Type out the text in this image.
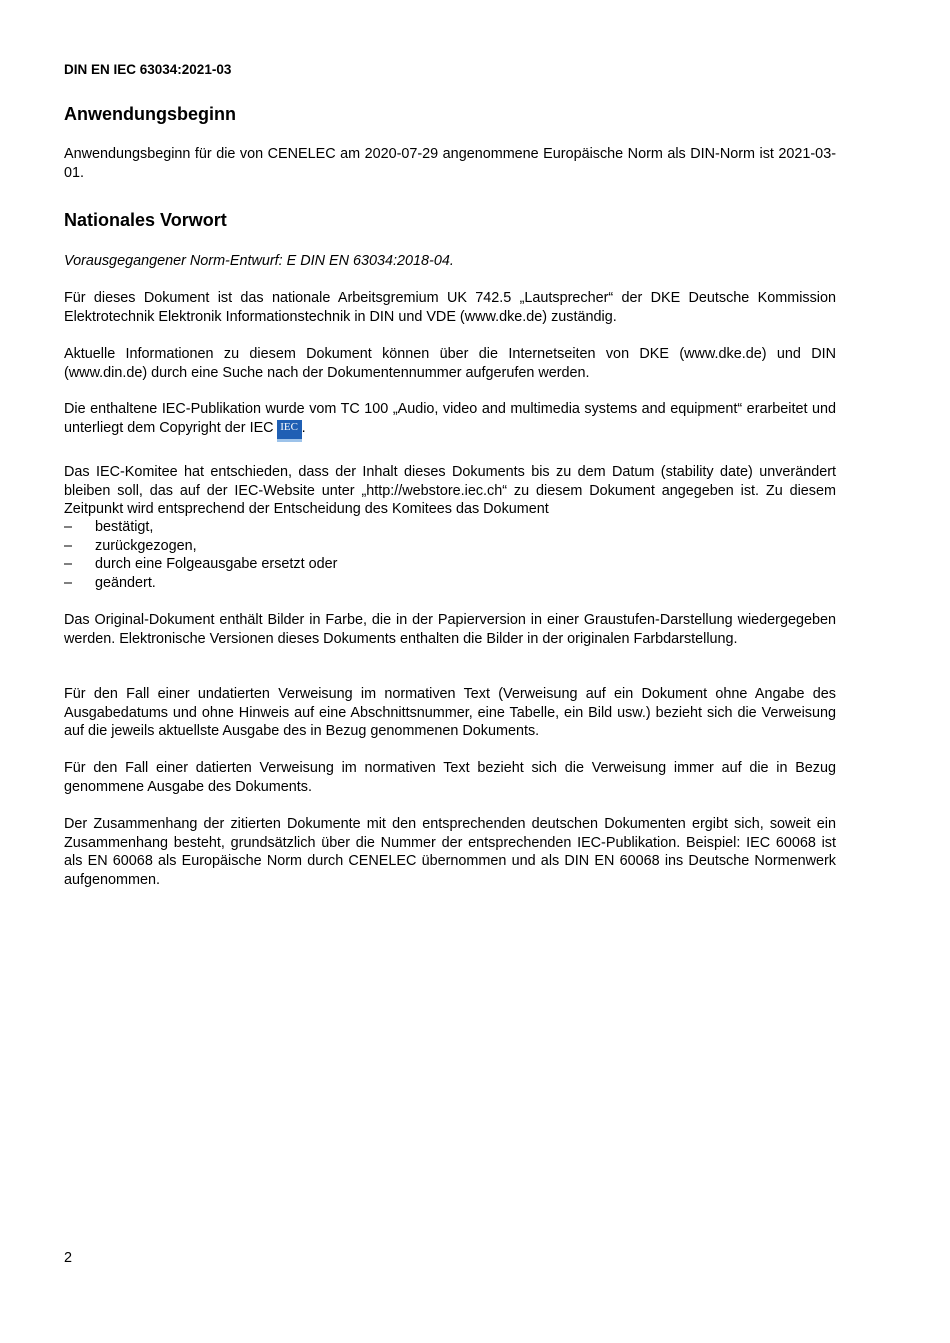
DIN EN IEC 63034:2021-03
Anwendungsbeginn

Anwendungsbeginn für die von CENELEC am 2020-07-29 angenommene Europäische Norm als DIN-Norm ist 2021-03-01.

Nationales Vorwort

Vorausgegangener Norm-Entwurf: E DIN EN 63034:2018-04.

Für dieses Dokument ist das nationale Arbeitsgremium UK 742.5 „Lautsprecher“ der DKE Deutsche Kommission Elektrotechnik Elektronik Informationstechnik in DIN und VDE (www.dke.de) zuständig.

Aktuelle Informationen zu diesem Dokument können über die Internetseiten von DKE (www.dke.de) und DIN (www.din.de) durch eine Suche nach der Dokumentennummer aufgerufen werden.

Die enthaltene IEC-Publikation wurde vom TC 100 „Audio, video and multimedia systems and equipment“ erarbeitet und unterliegt dem Copyright der IEC IEC .

Das IEC-Komitee hat entschieden, dass der Inhalt dieses Dokuments bis zu dem Datum (stability date) unverändert bleiben soll, das auf der IEC-Website unter „http://webstore.iec.ch“ zu diesem Dokument angegeben ist. Zu diesem Zeitpunkt wird entsprechend der Entscheidung des Komitees das Dokument

– bestätigt,
– zurückgezogen,
– durch eine Folgeausgabe ersetzt oder
– geändert.

Das Original-Dokument enthält Bilder in Farbe, die in der Papierversion in einer Graustufen-Darstellung wiedergegeben werden. Elektronische Versionen dieses Dokuments enthalten die Bilder in der originalen Farbdarstellung.

Für den Fall einer undatierten Verweisung im normativen Text (Verweisung auf ein Dokument ohne Angabe des Ausgabedatums und ohne Hinweis auf eine Abschnittsnummer, eine Tabelle, ein Bild usw.) bezieht sich die Verweisung auf die jeweils aktuellste Ausgabe des in Bezug genommenen Dokuments.

Für den Fall einer datierten Verweisung im normativen Text bezieht sich die Verweisung immer auf die in Bezug genommene Ausgabe des Dokuments.

Der Zusammenhang der zitierten Dokumente mit den entsprechenden deutschen Dokumenten ergibt sich, soweit ein Zusammenhang besteht, grundsätzlich über die Nummer der entsprechenden IEC-Publikation. Beispiel: IEC 60068 ist als EN 60068 als Europäische Norm durch CENELEC übernommen und als DIN EN 60068 ins Deutsche Normenwerk aufgenommen.

2
